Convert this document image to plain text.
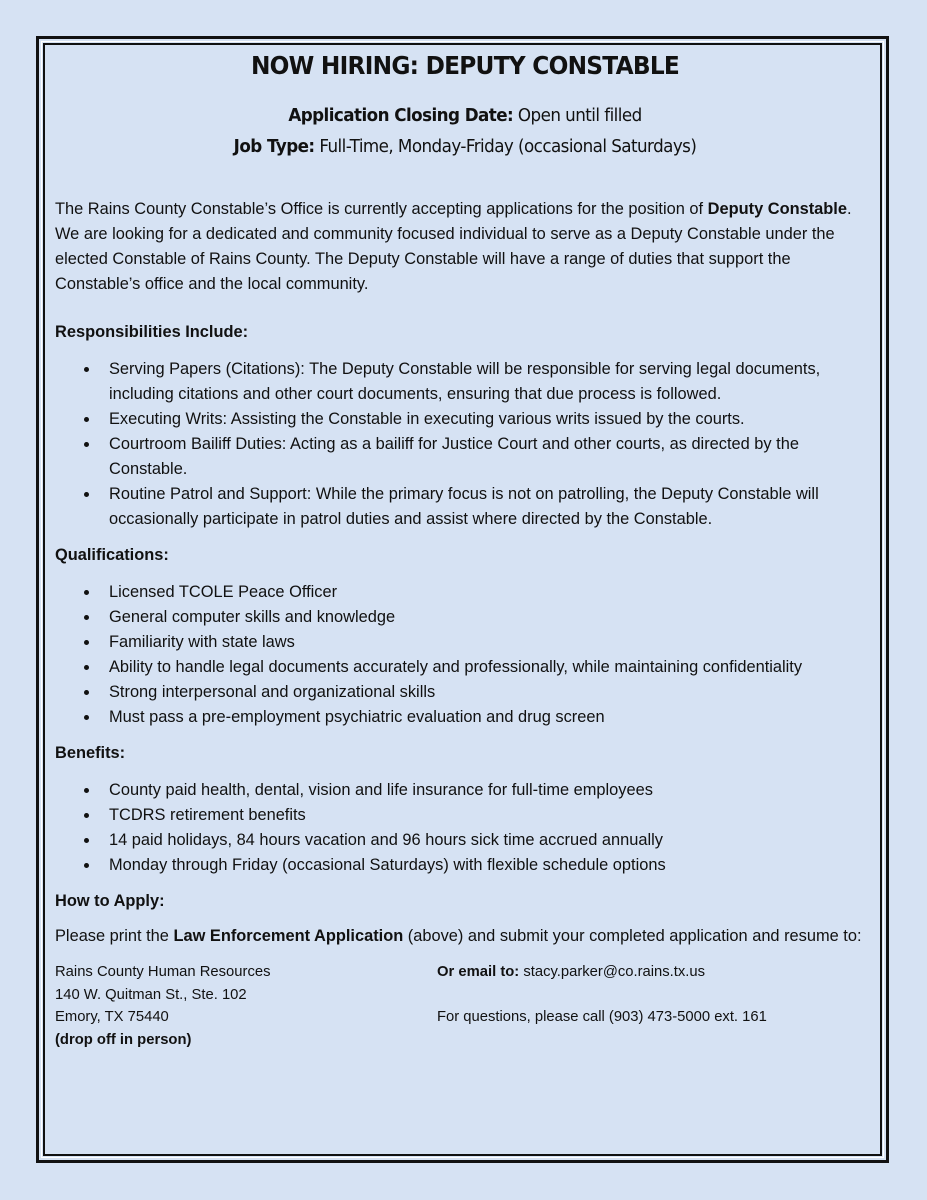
NOW HIRING: DEPUTY CONSTABLE
Application Closing Date: Open until filled
Job Type: Full-Time, Monday-Friday (occasional Saturdays)

The Rains County Constable’s Office is currently accepting applications for the position of Deputy Constable. We are looking for a dedicated and community focused individual to serve as a Deputy Constable under the elected Constable of Rains County. The Deputy Constable will have a range of duties that support the Constable’s office and the local community.

Responsibilities Include:
Serving Papers (Citations): The Deputy Constable will be responsible for serving legal documents, including citations and other court documents, ensuring that due process is followed.
Executing Writs: Assisting the Constable in executing various writs issued by the courts.
Courtroom Bailiff Duties: Acting as a bailiff for Justice Court and other courts, as directed by the Constable.
Routine Patrol and Support: While the primary focus is not on patrolling, the Deputy Constable will occasionally participate in patrol duties and assist where directed by the Constable.
Qualifications:
Licensed TCOLE Peace Officer
General computer skills and knowledge
Familiarity with state laws
Ability to handle legal documents accurately and professionally, while maintaining confidentiality
Strong interpersonal and organizational skills
Must pass a pre-employment psychiatric evaluation and drug screen
Benefits:
County paid health, dental, vision and life insurance for full-time employees
TCDRS retirement benefits
14 paid holidays, 84 hours vacation and 96 hours sick time accrued annually
Monday through Friday (occasional Saturdays) with flexible schedule options
How to Apply:
Please print the Law Enforcement Application (above) and submit your completed application and resume to:
Rains County Human Resources
140 W. Quitman St., Ste. 102
Emory, TX 75440
(drop off in person)
Or email to: stacy.parker@co.rains.tx.us
For questions, please call (903) 473-5000 ext. 161
